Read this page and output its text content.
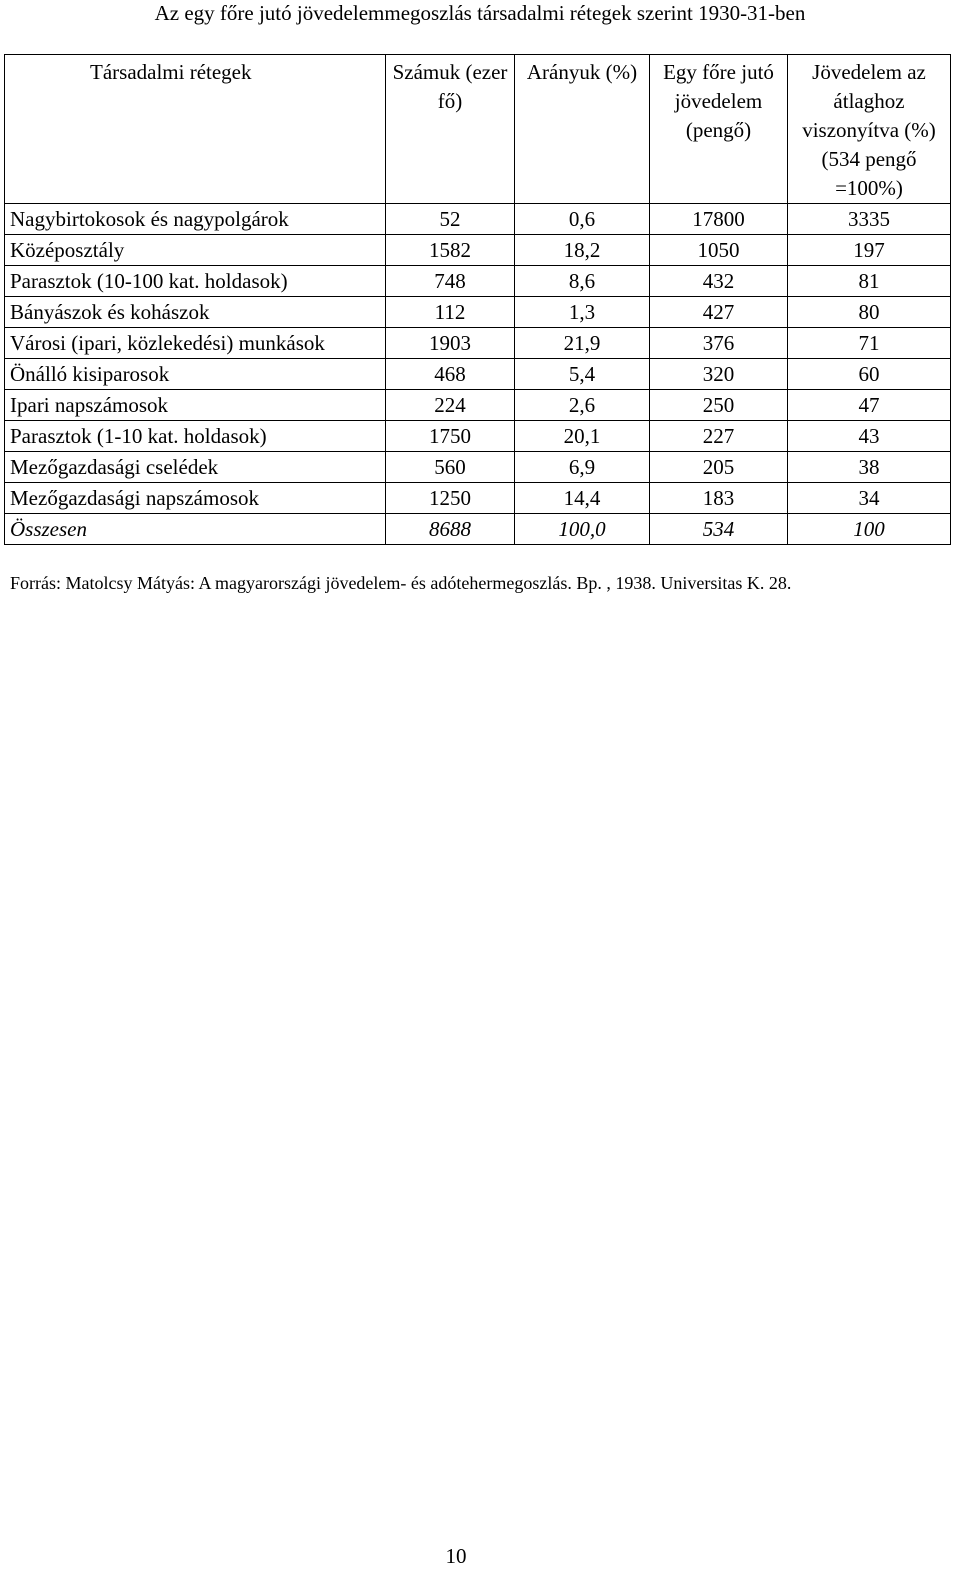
Az egy főre jutó jövedelemmegoszlás társadalmi rétegek szerint 1930-31-ben
Társadalmi rétegek	Számuk (ezer fő)	Arányuk (%)	Egy főre jutó jövedelem (pengő)	Jövedelem az átlaghoz viszonyítva (%) (534 pengő =100%)
Nagybirtokosok és nagypolgárok	52	0,6	17800	3335
Középosztály	1582	18,2	1050	197
Parasztok (10-100 kat. holdasok)	748	8,6	432	81
Bányászok és kohászok	112	1,3	427	80
Városi (ipari, közlekedési) munkások	1903	21,9	376	71
Önálló kisiparosok	468	5,4	320	60
Ipari napszámosok	224	2,6	250	47
Parasztok (1-10 kat. holdasok)	1750	20,1	227	43
Mezőgazdasági cselédek	560	6,9	205	38
Mezőgazdasági napszámosok	1250	14,4	183	34
Összesen	8688	100,0	534	100
Forrás: Matolcsy Mátyás: A magyarországi jövedelem- és adótehermegoszlás. Bp. , 1938. Universitas K. 28.
10
